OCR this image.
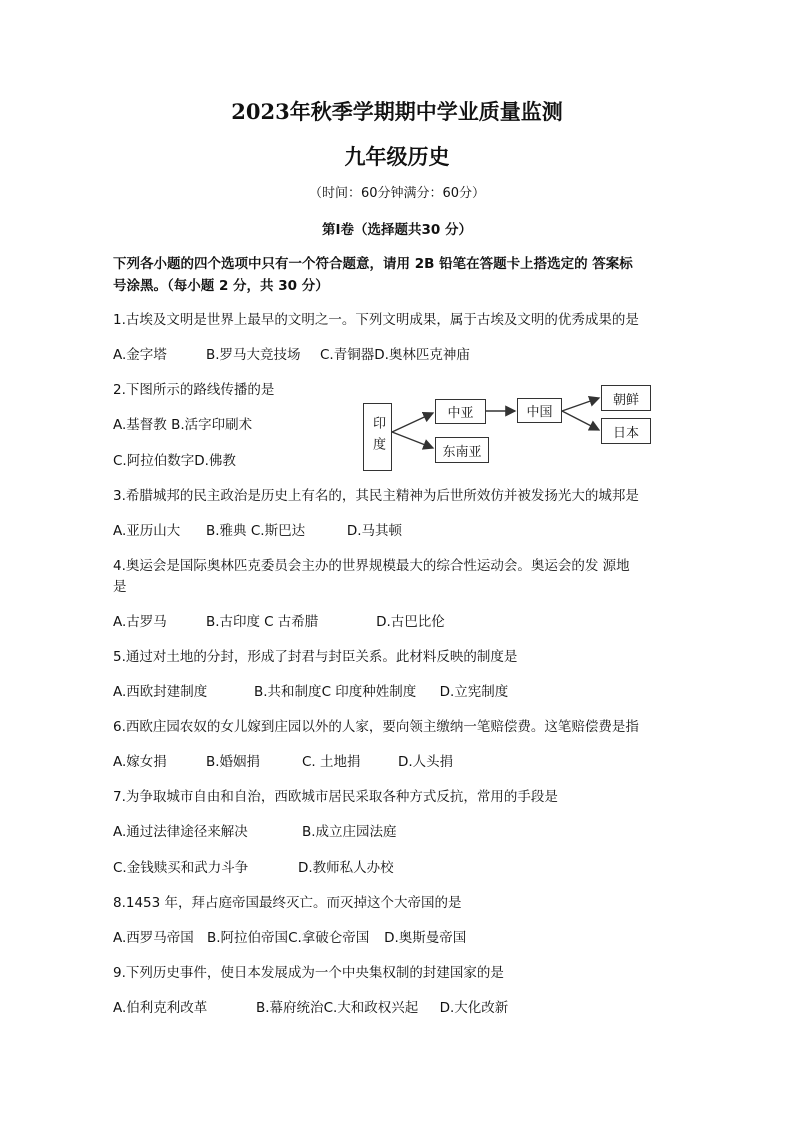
2023年秋季学期期中学业质量监测
九年级历史
（时间：60分钟满分：60分）
第Ⅰ卷（选择题共30 分）
下列各小题的四个选项中只有一个符合题意，请用 2B 铅笔在答题卡上搭选定的 答案标
号涂黑。（每小题 2 分，共 30 分）
1.古埃及文明是世界上最早的文明之一。下列文明成果，属于古埃及文明的优秀成果的是
A.金字塔	B.罗马大竞技场 C.青铜器D.奥林匹克神庙
2.下图所示的路线传播的是
A.基督教 B.活字印刷术
C.阿拉伯数字D.佛教
印度
中亚
东南亚
中国
朝鲜
日本
3.希腊城邦的民主政治是历史上有名的，其民主精神为后世所效仿并被发扬光大的城邦是
A.亚历山大 B.雅典 C.斯巴达	D.马其顿
4.奥运会是国际奥林匹克委员会主办的世界规模最大的综合性运动会。奥运会的发 源地
是
A.古罗马	B.古印度 C 古希腊	D.古巴比伦
5.通过对土地的分封，形成了封君与封臣关系。此材料反映的制度是
A.西欧封建制度	B.共和制度C 印度种姓制度 D.立宪制度
6.西欧庄园农奴的女儿嫁到庄园以外的人家，要向领主缴纳一笔赔偿费。这笔赔偿费是指
A.嫁女捐	B.婚姻捐	C. 土地捐	D.人头捐
7.为争取城市自由和自治，西欧城市居民采取各种方式反抗，常用的手段是
A.通过法律途径来解决	B.成立庄园法庭
C.金钱赎买和武力斗争	D.教师私人办校
8.1453 年，拜占庭帝国最终灭亡。而灭掉这个大帝国的是
A.西罗马帝国 B.阿拉伯帝国C.拿破仑帝国 D.奥斯曼帝国
9.下列历史事件，使日本发展成为一个中央集权制的封建国家的是
A.伯利克利改革	B.幕府统治C.大和政权兴起 D.大化改新
